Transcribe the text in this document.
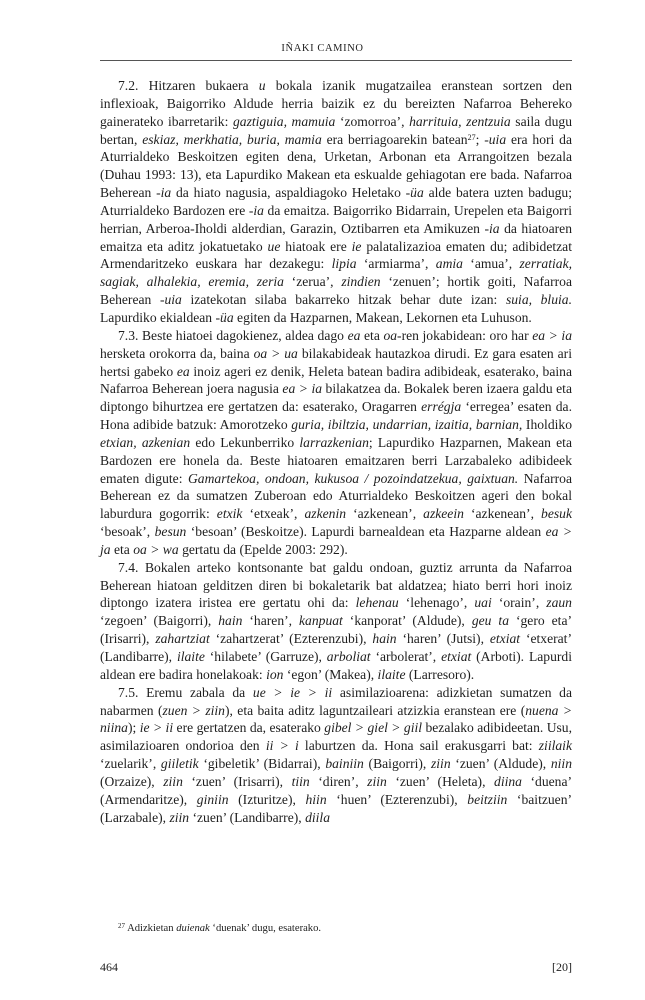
IÑAKI CAMINO

7.2. Hitzaren bukaera u bokala izanik mugatzailea eranstean sortzen den inflexioak, Baigorriko Aldude herria baizik ez du bereizten Nafarroa Behereko gainerateko ibarretarik: gaztiguia, mamuia ‘zomorroa’, harrituia, zentzuia saila dugu bertan, eskiaz, merkhatia, buria, mamia era berriagoarekin batean$^{27}$; -uia era hori da Aturrialdeko Beskoitzen egiten dena, Urketan, Arbonan eta Arrangoitzen bezala (Duhau 1993: 13), eta Lapurdiko Makean eta eskualde gehiagotan ere bada. Nafarroa Beherean -ia da hiato nagusia, aspaldiagoko Heletako -üa alde batera uzten badugu; Aturrialdeko Bardozen ere -ia da emaitza. Baigorriko Bidarrain, Urepelen eta Baigorri herrian, Arberoa-Iholdi alderdian, Garazin, Oztibarren eta Amikuzen -ia da hiatoaren emaitza eta aditz jokatuetako ue hiatoak ere ie palatalizazioa ematen du; adibidetzat Armendaritzeko euskara har dezakegu: lipia ‘armiarma’, amia ‘amua’, zerratiak, sagiak, alhalekia, eremia, zeria ‘zerua’, zindien ‘zenuen’; hortik goiti, Nafarroa Beherean -uia izatekotan silaba bakarreko hitzak behar dute izan: suia, bluia. Lapurdiko ekialdean -üa egiten da Hazparnen, Makean, Lekornen eta Luhuson.

7.3. Beste hiatoei dagokienez, aldea dago ea eta oa-ren jokabidean: oro har ea > ia hersketa orokorra da, baina oa > ua bilakabideak hautazkoa dirudi. Ez gara esaten ari hertsi gabeko ea inoiz ageri ez denik, Heleta batean badira adibideak, esaterako, baina Nafarroa Beherean joera nagusia ea > ia bilakatzea da. Bokalek beren izaera galdu eta diptongo bihurtzea ere gertatzen da: esaterako, Oragarren errégja ‘erregea’ esaten da. Hona adibide batzuk: Amorotzeko guria, ibiltzia, undarrian, izaitia, barnian, Iholdiko etxian, azkenian edo Lekunberriko larrazkenian; Lapurdiko Hazparnen, Makean eta Bardozen ere honela da. Beste hiatoaren emaitzaren berri Larzabaleko adibideek ematen digute: Gamartekoa, ondoan, kukusoa / pozoindatzekua, gaixtuan. Nafarroa Beherean ez da sumatzen Zuberoan edo Aturrialdeko Beskoitzen ageri den bokal laburdura gogorrik: etxik ‘etxeak’, azkenin ‘azkenean’, azkeein ‘azkenean’, besuk ‘besoak’, besun ‘besoan’ (Beskoitze). Lapurdi barnealdean eta Hazparne aldean ea > ja eta oa > wa gertatu da (Epelde 2003: 292).

7.4. Bokalen arteko kontsonante bat galdu ondoan, guztiz arrunta da Nafarroa Beherean hiatoan gelditzen diren bi bokaletarik bat aldatzea; hiato berri hori inoiz diptongo izatera iristea ere gertatu ohi da: lehenau ‘lehenago’, uai ‘orain’, zaun ‘zegoen’ (Baigorri), hain ‘haren’, kanpuat ‘kanporat’ (Aldude), geu ta ‘gero eta’ (Irisarri), zahartziat ‘zahartzerat’ (Ezterenzubi), hain ‘haren’ (Jutsi), etxiat ‘etxerat’ (Landibarre), ilaite ‘hilabete’ (Garruze), arboliat ‘arbolerat’, etxiat (Arboti). Lapurdi aldean ere badira honelakoak: ion ‘egon’ (Makea), ilaite (Larresoro).

7.5. Eremu zabala da ue > ie > ii asimilazioarena: adizkietan sumatzen da nabarmen (zuen > ziin), eta baita aditz laguntzaileari atzizkia eranstean ere (nuena > niina); ie > ii ere gertatzen da, esaterako gibel > giel > giil bezalako adibideetan. Usu, asimilazioaren ondorioa den ii > i laburtzen da. Hona sail erakusgarri bat: ziilaik ‘zuelarik’, giiletik ‘gibeletik’ (Bidarrai), bainiin (Baigorri), ziin ‘zuen’ (Aldude), niin (Orzaize), ziin ‘zuen’ (Irisarri), tiin ‘diren’, ziin ‘zuen’ (Heleta), diina ‘duena’ (Armendaritze), giniin (Izturitze), hiin ‘huen’ (Ezterenzubi), beitziin ‘baitzuen’ (Larzabale), ziin ‘zuen’ (Landibarre), diila

$^{27}$ Adizkietan duienak ‘duenak’ dugu, esaterako.
464	[20]
